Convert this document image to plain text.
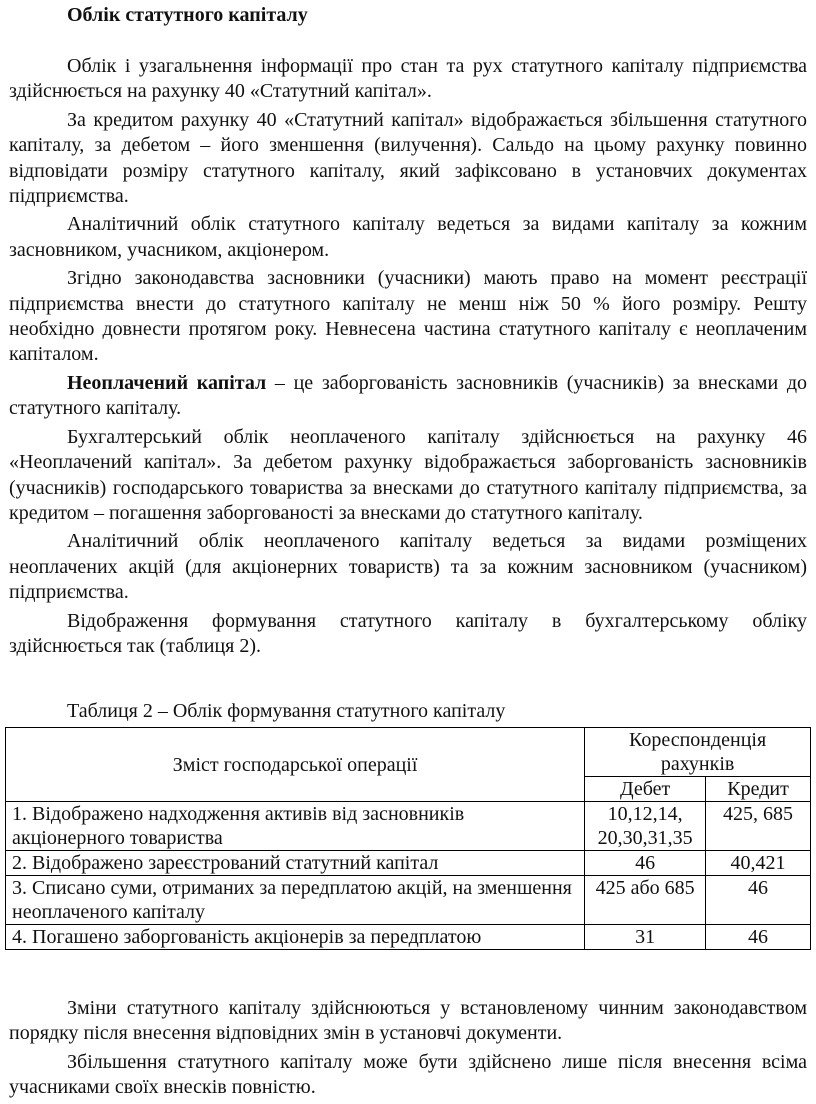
Облік статутного капіталу

Облік і узагальнення інформації про стан та рух статутного капіталу підприємства здійснюється на рахунку 40 «Статутний капітал».

За кредитом рахунку 40 «Статутний капітал» відображається збільшення статутного капіталу, за дебетом – його зменшення (вилучення). Сальдо на цьому рахунку повинно відповідати розміру статутного капіталу, який зафіксовано в установчих документах підприємства.

Аналітичний облік статутного капіталу ведеться за видами капіталу за кожним засновником, учасником, акціонером.

Згідно законодавства засновники (учасники) мають право на момент реєстрації підприємства внести до статутного капіталу не менш ніж 50 % його розміру. Решту необхідно довнести протягом року. Невнесена частина статутного капіталу є неоплаченим капіталом.

Неоплачений капітал – це заборгованість засновників (учасників) за внесками до статутного капіталу.

Бухгалтерський облік неоплаченого капіталу здійснюється на рахунку 46 «Неоплачений капітал». За дебетом рахунку відображається заборгованість засновників (учасників) господарського товариства за внесками до статутного капіталу підприємства, за кредитом – погашення заборгованості за внесками до статутного капіталу.

Аналітичний облік неоплаченого капіталу ведеться за видами розміщених неоплачених акцій (для акціонерних товариств) та за кожним засновником (учасником) підприємства.

Відображення формування статутного капіталу в бухгалтерському обліку здійснюється так (таблиця 2).

Таблиця 2 – Облік формування статутного капіталу
Зміст господарської операції	Кореспонденція рахунків	
	Дебет	Кредит
1. Відображено надходження активів від засновників акціонерного товариства	10,12,14, 20,30,31,35	425, 685
2. Відображено зареєстрований статутний капітал	46	40,421
3. Списано суми, отриманих за передплатою акцій, на зменшення неоплаченого капіталу	425 або 685	46
4. Погашено заборгованість акціонерів за передплатою	31	46

Зміни статутного капіталу здійснюються у встановленому чинним законодавством порядку після внесення відповідних змін в установчі документи.

Збільшення статутного капіталу може бути здійснено лише після внесення всіма учасниками своїх внесків повністю.
